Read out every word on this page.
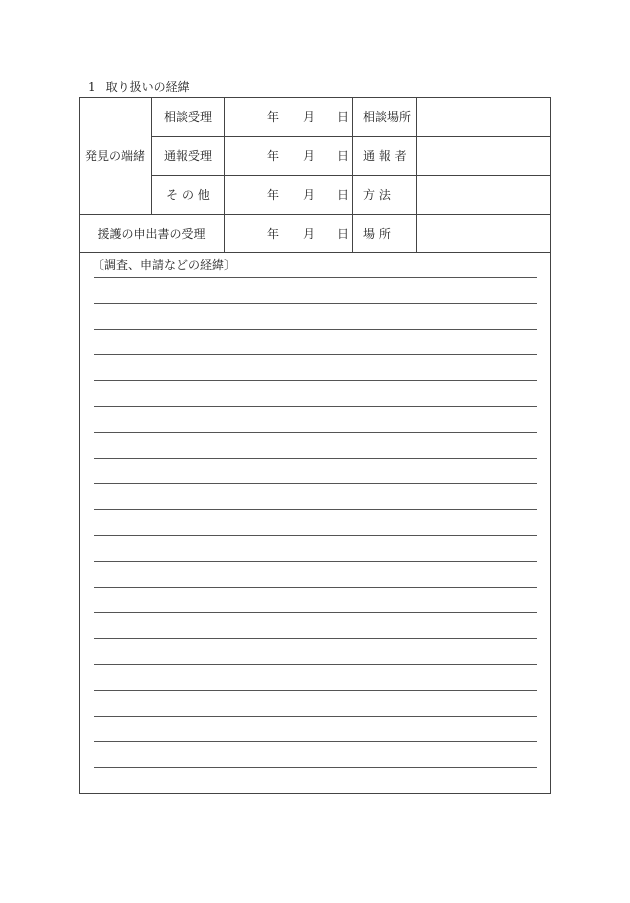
1 取り扱いの経緯
発見の端緒
相談受理	年 月 日	相談場所
通報受理	年 月 日	通 報 者
そ の 他	年 月 日	方 法
援護の申出書の受理	年 月 日	場 所
〔調査、申請などの経緯〕
